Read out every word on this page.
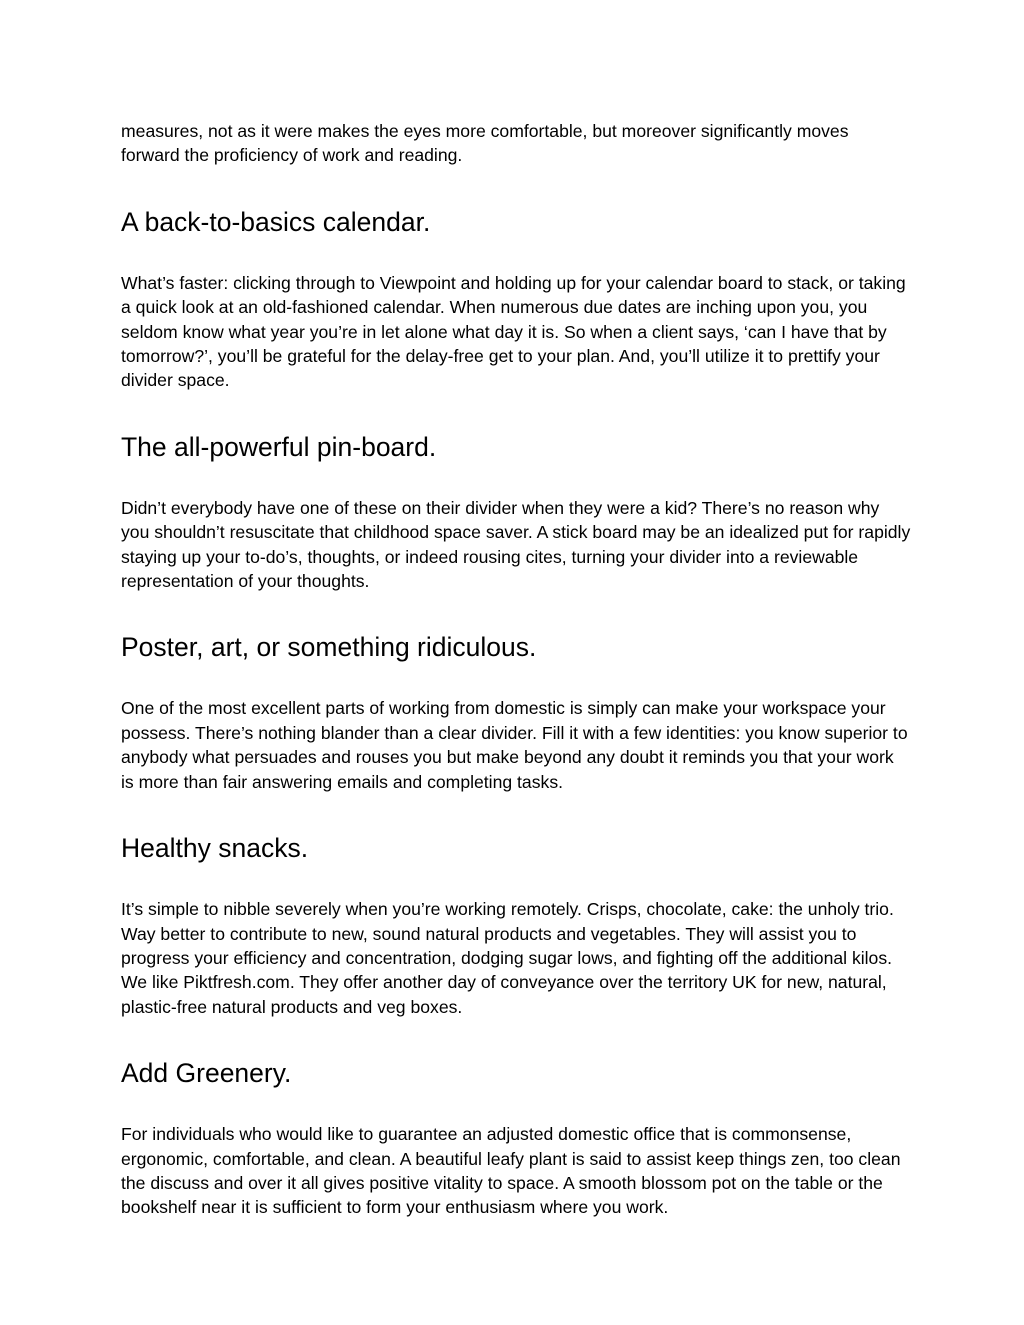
measures, not as it were makes the eyes more comfortable, but moreover significantly moves forward the proficiency of work and reading.

A back-to-basics calendar.

What’s faster: clicking through to Viewpoint and holding up for your calendar board to stack, or taking a quick look at an old-fashioned calendar. When numerous due dates are inching upon you, you seldom know what year you’re in let alone what day it is. So when a client says, ‘can I have that by tomorrow?’, you’ll be grateful for the delay-free get to your plan. And, you’ll utilize it to prettify your divider space.

The all-powerful pin-board.

Didn’t everybody have one of these on their divider when they were a kid? There’s no reason why you shouldn’t resuscitate that childhood space saver. A stick board may be an idealized put for rapidly staying up your to-do’s, thoughts, or indeed rousing cites, turning your divider into a reviewable representation of your thoughts.

Poster, art, or something ridiculous.

One of the most excellent parts of working from domestic is simply can make your workspace your possess. There’s nothing blander than a clear divider. Fill it with a few identities: you know superior to anybody what persuades and rouses you but make beyond any doubt it reminds you that your work is more than fair answering emails and completing tasks.

Healthy snacks.

It’s simple to nibble severely when you’re working remotely. Crisps, chocolate, cake: the unholy trio. Way better to contribute to new, sound natural products and vegetables. They will assist you to progress your efficiency and concentration, dodging sugar lows, and fighting off the additional kilos. We like Piktfresh.com. They offer another day of conveyance over the territory UK for new, natural, plastic-free natural products and veg boxes.

Add Greenery.

For individuals who would like to guarantee an adjusted domestic office that is commonsense, ergonomic, comfortable, and clean. A beautiful leafy plant is said to assist keep things zen, too clean the discuss and over it all gives positive vitality to space. A smooth blossom pot on the table or the bookshelf near it is sufficient to form your enthusiasm where you work.
